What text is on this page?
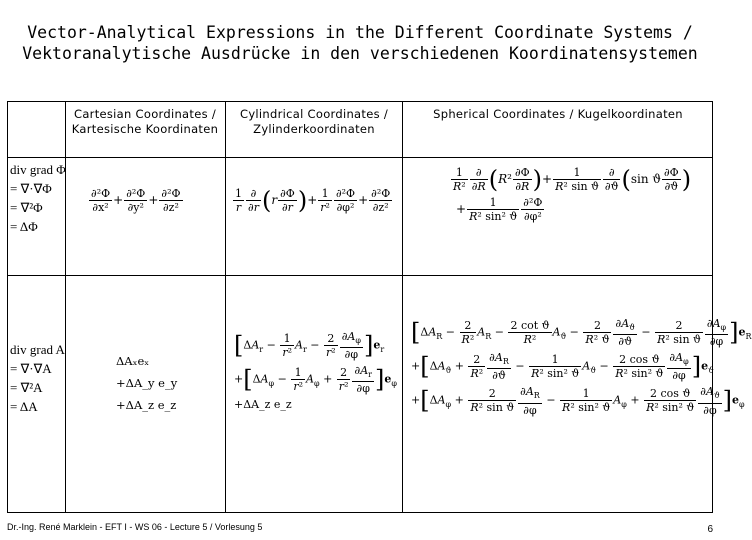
Vector-Analytical Expressions in the Different Coordinate Systems /
Vektoranalytische Ausdrücke in den verschiedenen Koordinatensystemen
Cartesian Coordinates / Kartesische Koordinaten
Cylindrical Coordinates / Zylinderkoordinaten
Spherical Coordinates / Kugelkoordinaten
div grad Φ
= ∇·∇Φ
= ∇²Φ
= ΔΦ
$\frac{\text{∂²Φ}}{\text{∂x²}} + \frac{\text{∂²Φ}}{\text{∂y²}} + \frac{\text{∂²Φ}}{\text{∂z²}}$	$\frac{1}{r} \frac{\partial}{\partial r} (r \frac{\partial\Phi}{\partial r}$ )+ $\frac{1}{\text{r²}} \frac{\text{∂²Φ}}{\text{∂φ²}} + \frac{\text{∂²Φ}}{\text{∂z²}}$
$\frac{1}{\text{R²}} \frac{\partial}{\partial R} (R^2 \frac{\partial\Phi}{\partial R}$ )+ $\frac{1}{\text{R² sin ϑ}} \frac{\partial}{\partial ϑ} (\sin$ ϑ $\frac{\partial\Phi}{\partial ϑ}$ )
+ $\frac{1}{\text{R² sin² ϑ}} \frac{\text{∂²Φ}}{\text{∂φ²}}$
div grad A
= ∇·∇A
= ∇²A
= ΔA
ΔAₓeₓ
+ΔA_y e_y
+ΔA_z e_z
$[\Delta A_r - \frac{1}{\text{r²}} A_r - \frac{2}{\text{r²}} \frac{\partial A_\varphi}{\partial\varphi} ]e_r$
$+[\Delta A_\varphi - \frac{1}{\text{r²}} A_\varphi + \frac{2}{\text{r²}} \frac{\partial A_r}{\partial\varphi} ]e_\varphi$
+ΔA_z e_z
$[\Delta A_R - \frac{2}{\text{R²}} A_R - \frac{\text{2 cot ϑ}}{\text{R²}} A_ϑ - \frac{2}{\text{R² ϑ}} \frac{\partial A_ϑ}{\partial ϑ} - \frac{2}{\text{R² sin ϑ}} \frac{\partial A_\varphi}{\partial\varphi} ]e_R$
$+[\Delta A_ϑ + \frac{2}{\text{R²}} \frac{\partial A_R}{\partial ϑ} - \frac{1}{\text{R² sin² ϑ}} A_ϑ - \frac{\text{2 cos ϑ}}{\text{R² sin² ϑ}} \frac{\partial A_\varphi}{\partial\varphi} ]e_ϑ$
$+[\Delta A_\varphi + \frac{2}{\text{R² sin ϑ}} \frac{\partial A_R}{\partial\varphi} - \frac{1}{\text{R² sin² ϑ}} A_\varphi + \frac{\text{2 cos ϑ}}{\text{R² sin² ϑ}} \frac{\partial A_ϑ}{\partial\varphi} ]e_\varphi$
Dr.-Ing. René Marklein - EFT I - WS 06 - Lecture 5 / Vorlesung 5	6
